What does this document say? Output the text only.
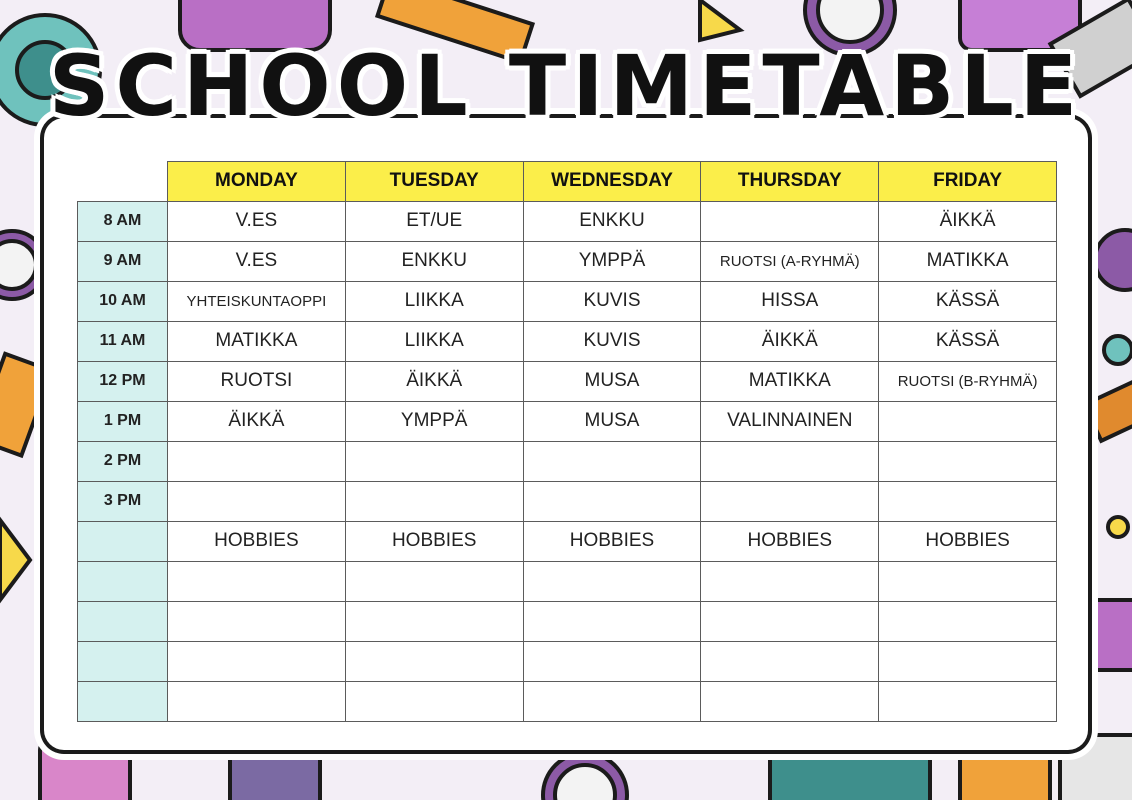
SCHOOL TIMETABLE
	MONDAY	TUESDAY	WEDNESDAY	THURSDAY	FRIDAY
8 AM	V.ES	ET/UE	ENKKU		ÄIKKÄ
9 AM	V.ES	ENKKU	YMPPÄ	RUOTSI (A-RYHMÄ)	MATIKKA
10 AM	YHTEISKUNTAOPPI	LIIKKA	KUVIS	HISSA	KÄSSÄ
11 AM	MATIKKA	LIIKKA	KUVIS	ÄIKKÄ	KÄSSÄ
12 PM	RUOTSI	ÄIKKÄ	MUSA	MATIKKA	RUOTSI (B-RYHMÄ)
1 PM	ÄIKKÄ	YMPPÄ	MUSA	VALINNAINEN	
2 PM					
3 PM					
	HOBBIES	HOBBIES	HOBBIES	HOBBIES	HOBBIES
